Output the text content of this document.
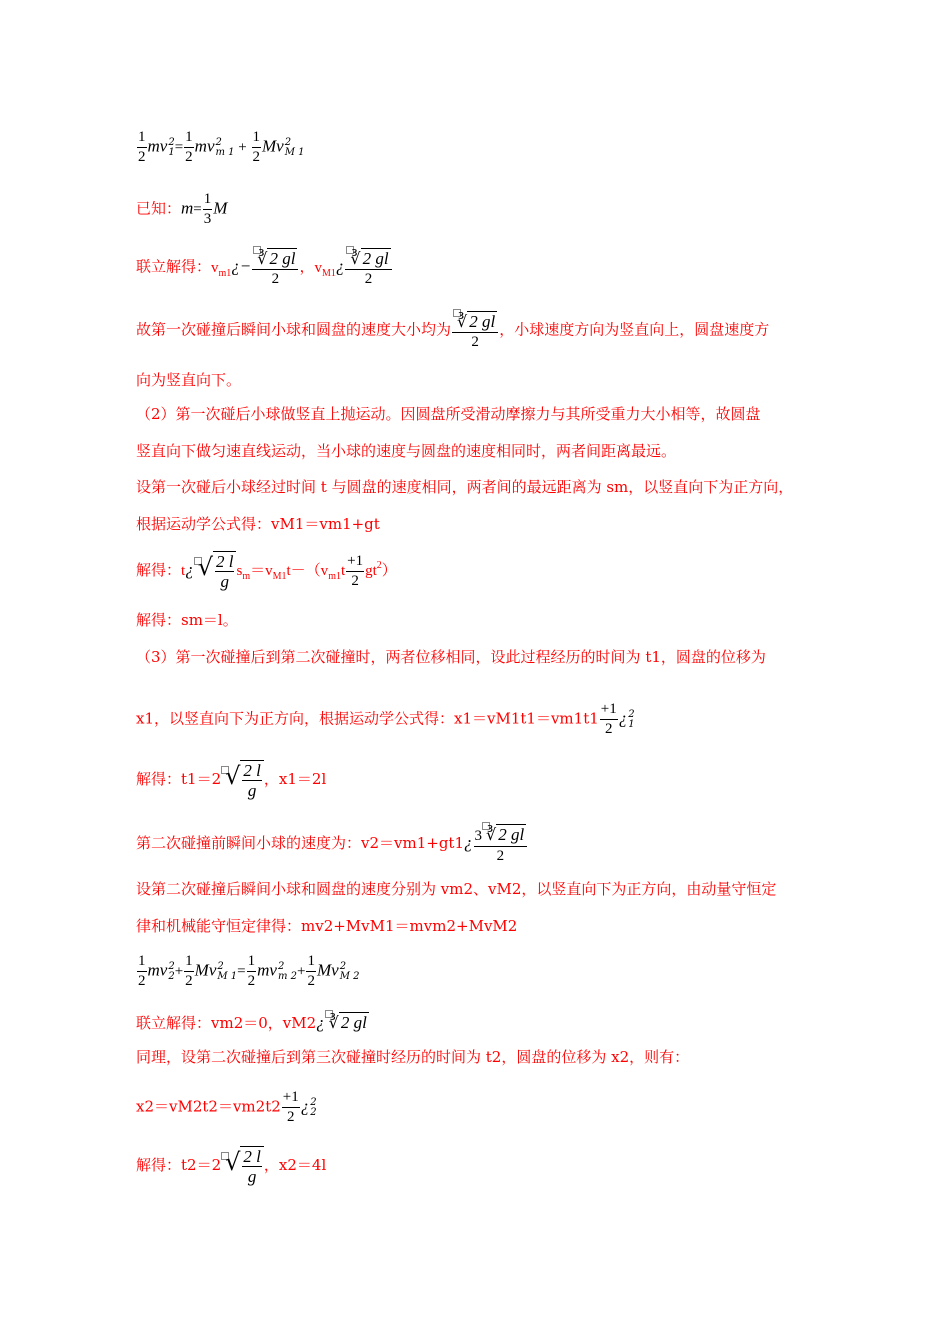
$\frac{1}{2}$ mv 2
$1 = \frac{1}{2}$ mv 2
m $1 + \frac{1}{2}$ Mv 2
M 1
已知：$m= \frac{1}{3}$ M
联立解得：$v_{m1}¿- \frac{∛ 2 gl}{2}$ ，$v_{M1}¿ \frac{∛ 2 gl}{2}$
故第一次碰撞后瞬间小球和圆盘的速度大小均为 $\frac{∛ 2 gl}{2}$ ，小球速度方向为竖直向上，圆盘速度方
向为竖直向下。
（2）第一次碰后小球做竖直上抛运动。因圆盘所受滑动摩擦力与其所受重力大小相等，故圆盘
竖直向下做匀速直线运动，当小球的速度与圆盘的速度相同时，两者间距离最远。
设第一次碰后小球经过时间 t 与圆盘的速度相同，两者间的最远距离为 sm，以竖直向下为正方向，
根据运动学公式得：vM1＝vm1+gt
解得：t¿ √ $\frac{2 l}{g} s_m=v_{M1}t-(v_{m1}t \frac{+1}{2} gt^2)$
解得：sm＝l。
（3）第一次碰撞后到第二次碰撞时，两者位移相同，设此过程经历的时间为 t1，圆盘的位移为
x1，以竖直向下为正方向，根据运动学公式得：$x1=vM1t1=vm1t1 \frac{+1}{2}$ ¿ 2
1
解得：t1＝2 √ $\frac{2 l}{g}$ ，x1＝2l
第二次碰撞前瞬间小球的速度为：v2＝vm1+gt1¿ $\frac{3 ∛ 2 gl}{2}$
设第二次碰撞后瞬间小球和圆盘的速度分别为 vm2、vM2，以竖直向下为正方向，由动量守恒定
律和机械能守恒定律得：mv2+MvM1＝mvm2+MvM2
$\frac{1}{2}$ mv 2
$2 + \frac{1}{2}$ Mv 2
M $1 = \frac{1}{2}$ mv 2
m $2 + \frac{1}{2}$ Mv 2
M 2
联立解得：vm2＝0，vM2¿ ∛ 2 gl
同理，设第二次碰撞后到第三次碰撞时经历的时间为 t2，圆盘的位移为 x2，则有：
$x2=vM2t2=vm2t2 \frac{+1}{2}$ ¿ 2
2
解得：t2＝2 √ $\frac{2 l}{g}$ ，x2＝4l
